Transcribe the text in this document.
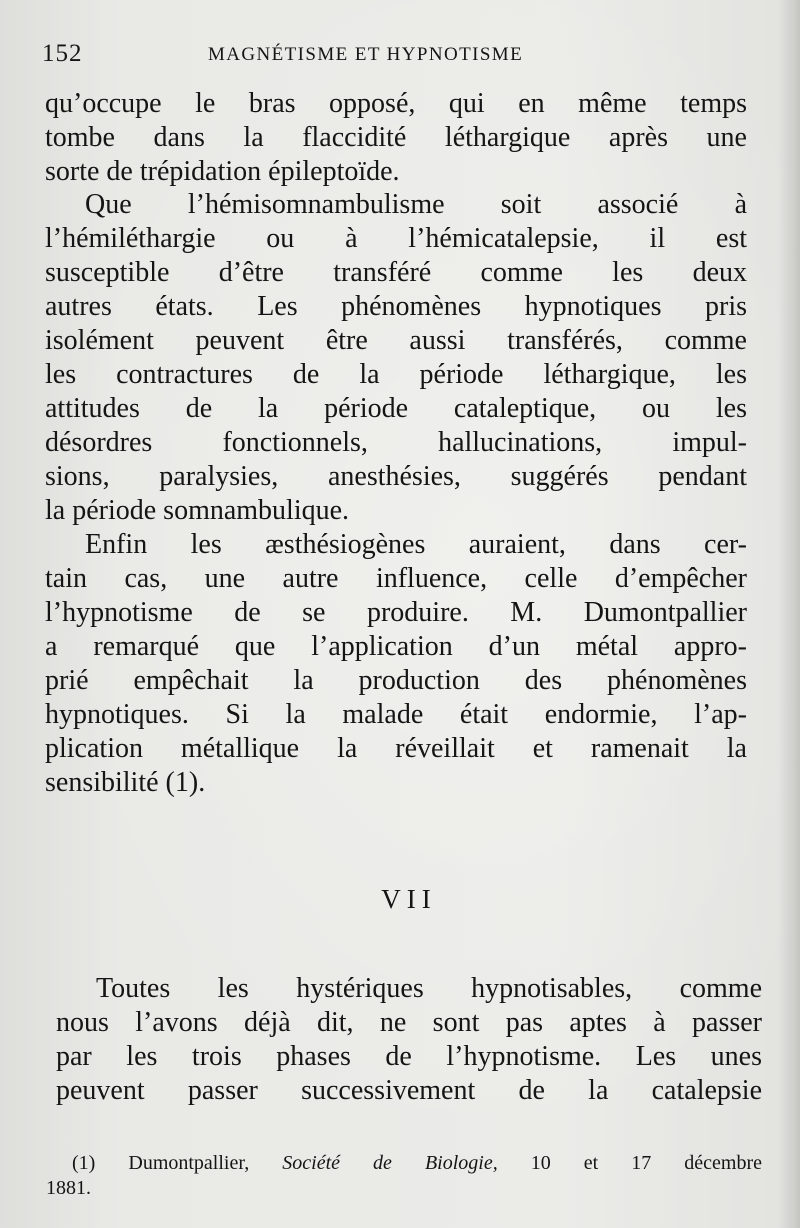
152	MAGNÉTISME ET HYPNOTISME
qu’occupe le bras opposé, qui en même temps
tombe dans la flaccidité léthargique après une
sorte de trépidation épileptoïde.
Que l’hémisomnambulisme soit associé à
l’hémiléthargie ou à l’hémicatalepsie, il est
susceptible d’être transféré comme les deux
autres états. Les phénomènes hypnotiques pris
isolément peuvent être aussi transférés, comme
les contractures de la période léthargique, les
attitudes de la période cataleptique, ou les
désordres fonctionnels, hallucinations, impul-
sions, paralysies, anesthésies, suggérés pendant
la période somnambulique.
Enfin les æsthésiogènes auraient, dans cer-
tain cas, une autre influence, celle d’empêcher
l’hypnotisme de se produire. M. Dumontpallier
a remarqué que l’application d’un métal appro-
prié empêchait la production des phénomènes
hypnotiques. Si la malade était endormie, l’ap-
plication métallique la réveillait et ramenait la
sensibilité (1).
VII
Toutes les hystériques hypnotisables, comme
nous l’avons déjà dit, ne sont pas aptes à passer
par les trois phases de l’hypnotisme. Les unes
peuvent passer successivement de la catalepsie
(1) Dumontpallier, Société de Biologie, 10 et 17 décembre
1881.
